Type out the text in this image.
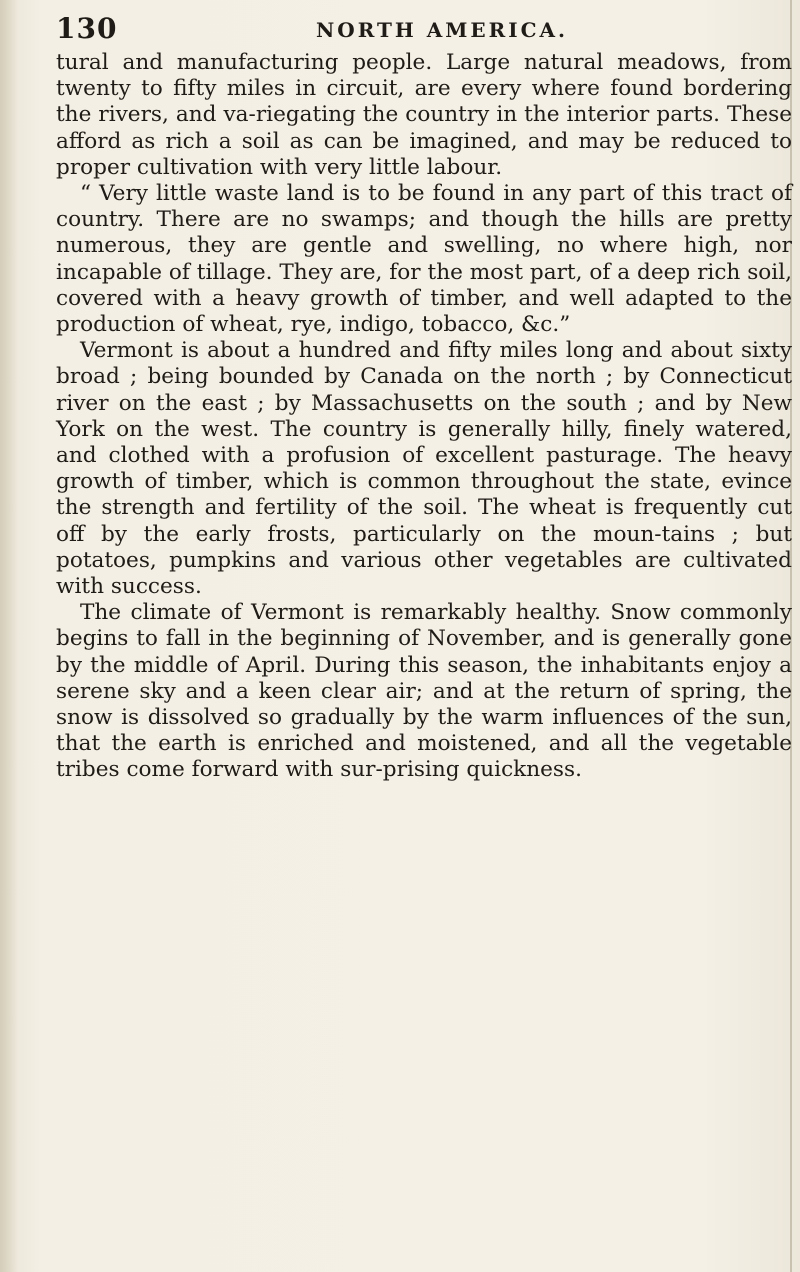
130	NORTH AMERICA.

tural and manufacturing people. Large natural meadows, from twenty to fifty miles in circuit, are every where found bordering the rivers, and va-riegating the country in the interior parts. These afford as rich a soil as can be imagined, and may be reduced to proper cultivation with very little labour.

“ Very little waste land is to be found in any part of this tract of country. There are no swamps; and though the hills are pretty numerous, they are gentle and swelling, no where high, nor incapable of tillage. They are, for the most part, of a deep rich soil, covered with a heavy growth of timber, and well adapted to the production of wheat, rye, indigo, tobacco, &c.”

Vermont is about a hundred and fifty miles long and about sixty broad ; being bounded by Canada on the north ; by Connecticut river on the east ; by Massachusetts on the south ; and by New York on the west. The country is generally hilly, finely watered, and clothed with a profusion of excellent pasturage. The heavy growth of timber, which is common throughout the state, evince the strength and fertility of the soil. The wheat is frequently cut off by the early frosts, particularly on the moun-tains ; but potatoes, pumpkins and various other vegetables are cultivated with success.

The climate of Vermont is remarkably healthy. Snow commonly begins to fall in the beginning of November, and is generally gone by the middle of April. During this season, the inhabitants enjoy a serene sky and a keen clear air; and at the return of spring, the snow is dissolved so gradually by the warm influences of the sun, that the earth is enriched and moistened, and all the vegetable tribes come forward with sur-prising quickness.
